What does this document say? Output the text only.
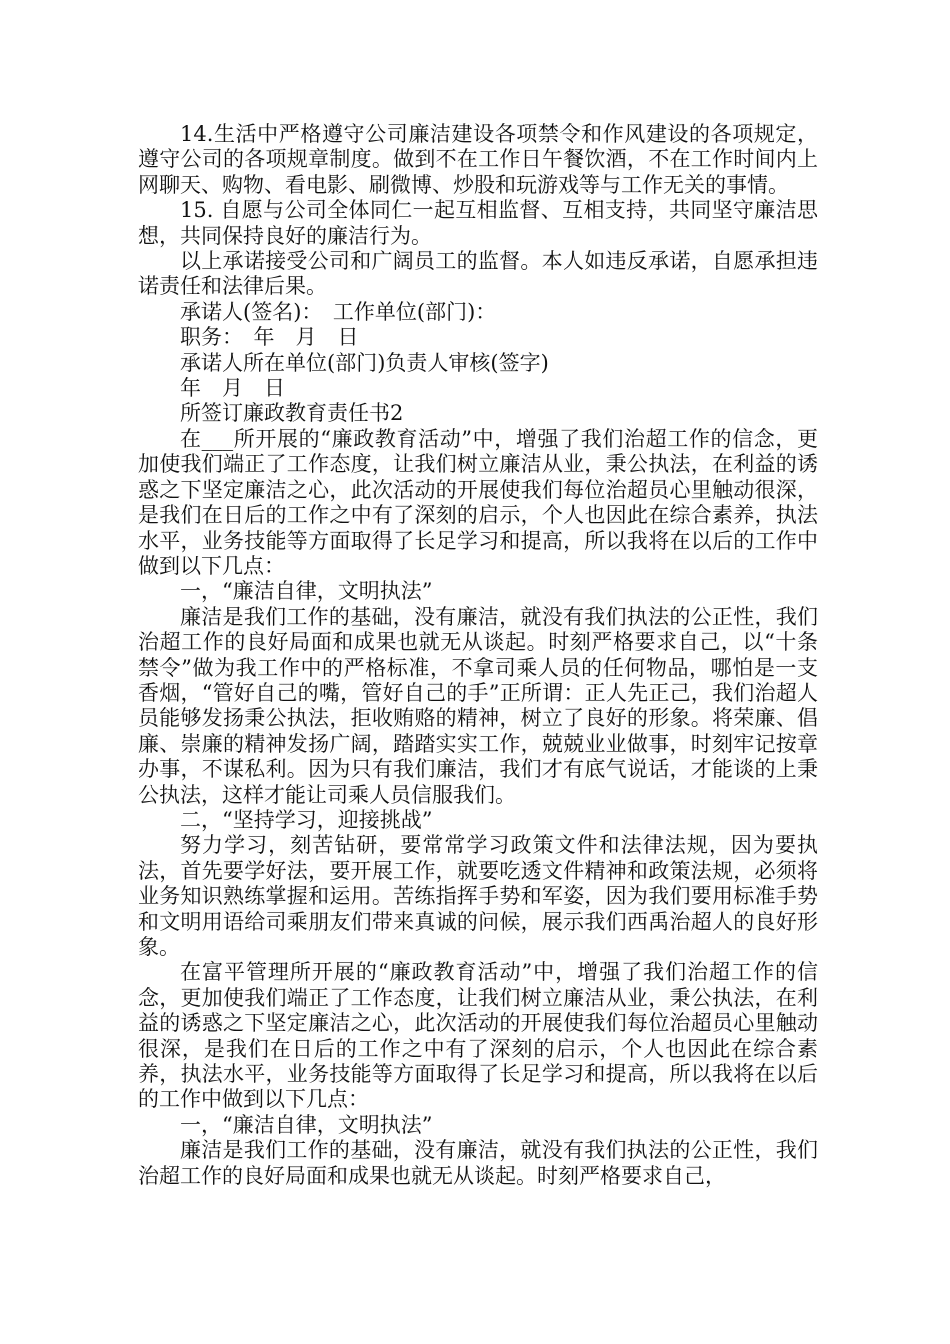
14.生活中严格遵守公司廉洁建设各项禁令和作风建设的各项规定，遵守公司的各项规章制度。做到不在工作日午餐饮酒，不在工作时间内上网聊天、购物、看电影、刷微博、炒股和玩游戏等与工作无关的事情。

15. 自愿与公司全体同仁一起互相监督、互相支持，共同坚守廉洁思想，共同保持良好的廉洁行为。

以上承诺接受公司和广阔员工的监督。本人如违反承诺，自愿承担违诺责任和法律后果。

承诺人(签名)：　工作单位(部门)：

职务：　年　月　日

承诺人所在单位(部门)负责人审核(签字)

年　月　日

所签订廉政教育责任书2

在___所开展的“廉政教育活动”中，增强了我们治超工作的信念，更加使我们端正了工作态度，让我们树立廉洁从业，秉公执法，在利益的诱惑之下坚定廉洁之心，此次活动的开展使我们每位治超员心里触动很深，是我们在日后的工作之中有了深刻的启示，个人也因此在综合素养，执法水平，业务技能等方面取得了长足学习和提高，所以我将在以后的工作中做到以下几点：

一，“廉洁自律，文明执法”

廉洁是我们工作的基础，没有廉洁，就没有我们执法的公正性，我们治超工作的良好局面和成果也就无从谈起。时刻严格要求自己，以“十条禁令”做为我工作中的严格标准，不拿司乘人员的任何物品，哪怕是一支香烟，“管好自己的嘴，管好自己的手”正所谓：正人先正己，我们治超人员能够发扬秉公执法，拒收贿赂的精神，树立了良好的形象。将荣廉、倡廉、崇廉的精神发扬广阔，踏踏实实工作，兢兢业业做事，时刻牢记按章办事，不谋私利。因为只有我们廉洁，我们才有底气说话，才能谈的上秉公执法，这样才能让司乘人员信服我们。

二，“坚持学习，迎接挑战”

努力学习，刻苦钻研，要常常学习政策文件和法律法规，因为要执法，首先要学好法，要开展工作，就要吃透文件精神和政策法规，必须将业务知识熟练掌握和运用。苦练指挥手势和军姿，因为我们要用标准手势和文明用语给司乘朋友们带来真诚的问候，展示我们西禹治超人的良好形象。

在富平管理所开展的“廉政教育活动”中，增强了我们治超工作的信念，更加使我们端正了工作态度，让我们树立廉洁从业，秉公执法，在利益的诱惑之下坚定廉洁之心，此次活动的开展使我们每位治超员心里触动很深，是我们在日后的工作之中有了深刻的启示，个人也因此在综合素养，执法水平，业务技能等方面取得了长足学习和提高，所以我将在以后的工作中做到以下几点：

一，“廉洁自律，文明执法”

廉洁是我们工作的基础，没有廉洁，就没有我们执法的公正性，我们治超工作的良好局面和成果也就无从谈起。时刻严格要求自己，
